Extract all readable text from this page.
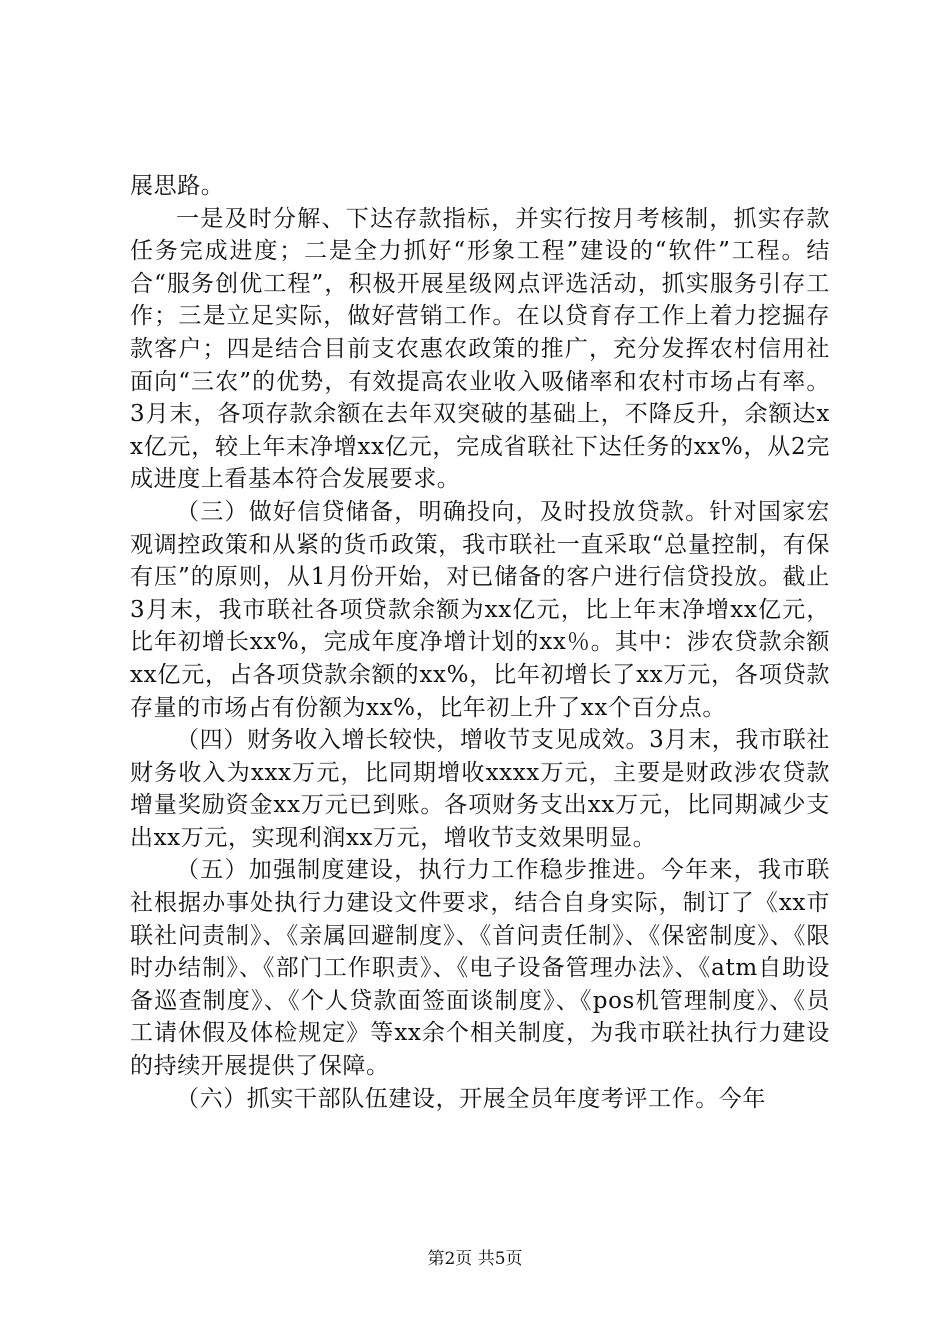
展思路。

一是及时分解、下达存款指标，并实行按月考核制，抓实存款任务完成进度；二是全力抓好“形象工程”建设的“软件”工程。结合“服务创优工程”，积极开展星级网点评选活动，抓实服务引存工作；三是立足实际，做好营销工作。在以贷育存工作上着力挖掘存款客户；四是结合目前支农惠农政策的推广，充分发挥农村信用社面向“三农”的优势，有效提高农业收入吸储率和农村市场占有率。3月末，各项存款余额在去年双突破的基础上，不降反升，余额达xx亿元，较上年末净增xx亿元，完成省联社下达任务的xx%，从2完成进度上看基本符合发展要求。

（三）做好信贷储备，明确投向，及时投放贷款。针对国家宏观调控政策和从紧的货币政策，我市联社一直采取“总量控制，有保有压”的原则，从1月份开始，对已储备的客户进行信贷投放。截止3月末，我市联社各项贷款余额为xx亿元，比上年末净增xx亿元，比年初增长xx%，完成年度净增计划的xx％。其中：涉农贷款余额xx亿元，占各项贷款余额的xx%，比年初增长了xx万元，各项贷款存量的市场占有份额为xx%，比年初上升了xx个百分点。

（四）财务收入增长较快，增收节支见成效。3月末，我市联社财务收入为xxx万元，比同期增收xxxx万元，主要是财政涉农贷款增量奖励资金xx万元已到账。各项财务支出xx万元，比同期减少支出xx万元，实现利润xx万元，增收节支效果明显。

（五）加强制度建设，执行力工作稳步推进。今年来，我市联社根据办事处执行力建设文件要求，结合自身实际，制订了《xx市联社问责制》、《亲属回避制度》、《首问责任制》、《保密制度》、《限时办结制》、《部门工作职责》、《电子设备管理办法》、《atm自助设备巡查制度》、《个人贷款面签面谈制度》、《pos机管理制度》、《员工请休假及体检规定》等xx余个相关制度，为我市联社执行力建设的持续开展提供了保障。

（六）抓实干部队伍建设，开展全员年度考评工作。今年

第2页 共5页
